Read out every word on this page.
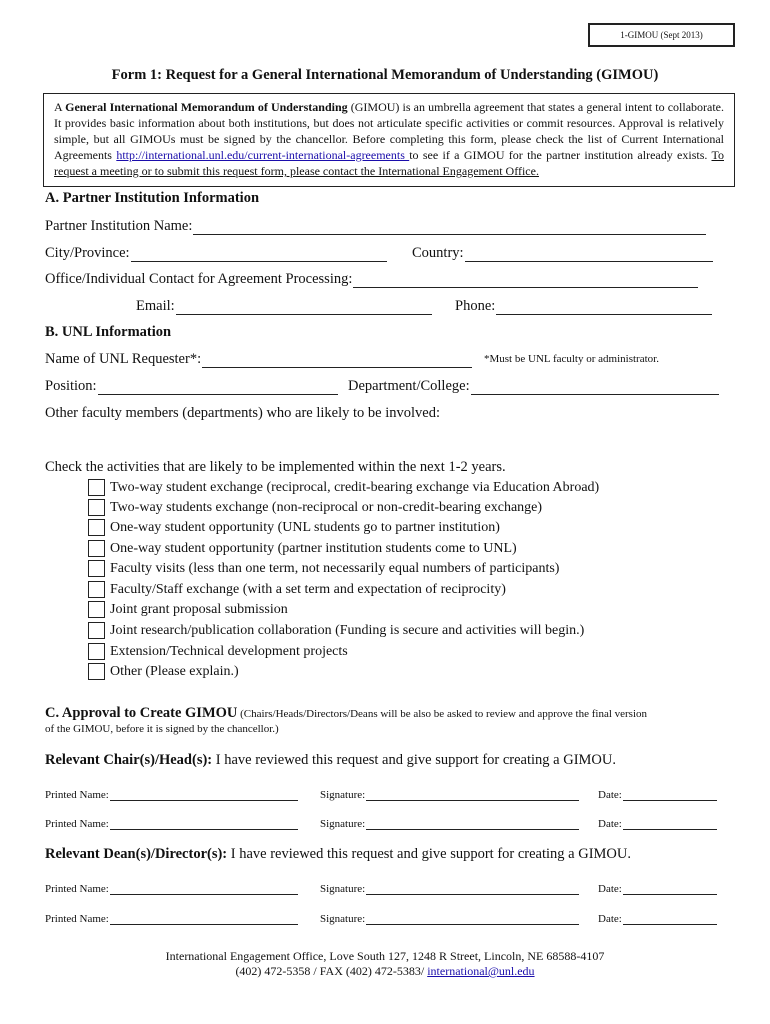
1-GIMOU (Sept 2013)
Form 1: Request for a General International Memorandum of Understanding (GIMOU)
A General International Memorandum of Understanding (GIMOU) is an umbrella agreement that states a general intent to collaborate. It provides basic information about both institutions, but does not articulate specific activities or commit resources. Approval is relatively simple, but all GIMOUs must be signed by the chancellor. Before completing this form, please check the list of Current International Agreements http://international.unl.edu/current-international-agreements to see if a GIMOU for the partner institution already exists. To request a meeting or to submit this request form, please contact the International Engagement Office.
A. Partner Institution Information
Partner Institution Name:
City/Province:	Country:
Office/Individual Contact for Agreement Processing:
Email:	Phone:
B. UNL Information
Name of UNL Requester*:	*Must be UNL faculty or administrator.
Position:	Department/College:
Other faculty members (departments) who are likely to be involved:
Check the activities that are likely to be implemented within the next 1-2 years.
Two-way student exchange (reciprocal, credit-bearing exchange via Education Abroad)
Two-way students exchange (non-reciprocal or non-credit-bearing exchange)
One-way student opportunity (UNL students go to partner institution)
One-way student opportunity (partner institution students come to UNL)
Faculty visits (less than one term, not necessarily equal numbers of participants)
Faculty/Staff exchange (with a set term and expectation of reciprocity)
Joint grant proposal submission
Joint research/publication collaboration (Funding is secure and activities will begin.)
Extension/Technical development projects
Other (Please explain.)
C. Approval to Create GIMOU (Chairs/Heads/Directors/Deans will be also be asked to review and approve the final version
of the GIMOU, before it is signed by the chancellor.)
Relevant Chair(s)/Head(s): I have reviewed this request and give support for creating a GIMOU.
Printed Name:	Signature:	Date:
Printed Name:	Signature:	Date:
Relevant Dean(s)/Director(s): I have reviewed this request and give support for creating a GIMOU.
Printed Name:	Signature:	Date:
Printed Name:	Signature:	Date:
International Engagement Office, Love South 127, 1248 R Street, Lincoln, NE 68588-4107
(402) 472-5358 / FAX (402) 472-5383/ international@unl.edu
